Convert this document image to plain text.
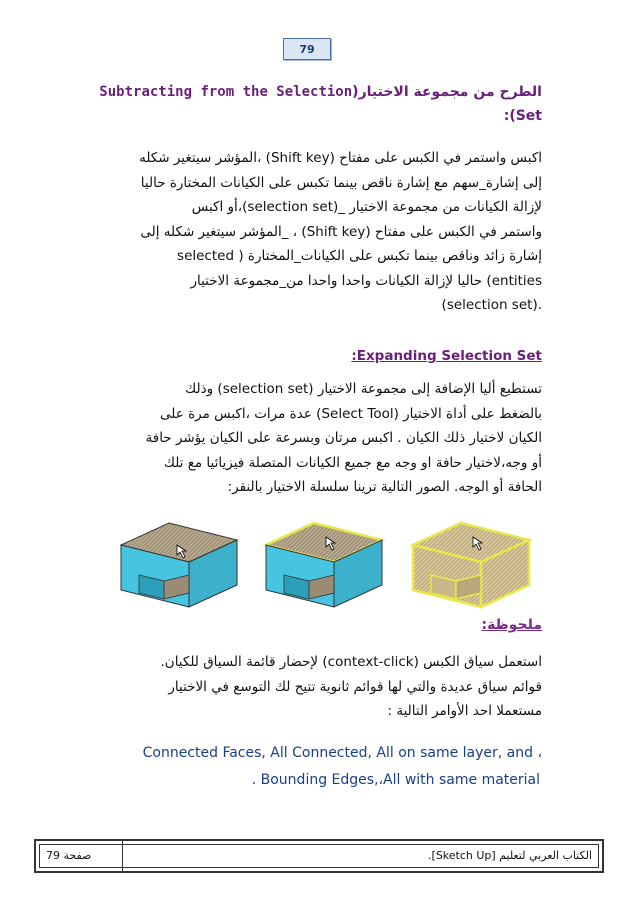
79
الطرح من مجموعة الاختيار(Subtracting from the Selection
:(Set
اكبس واستمر في الكبس على مفتاح (Shift key) ،المؤشر سيتغير شكله
إلى إشارة_سهم مع إشارة ناقص بينما تكبس على الكيانات المختارة حاليا
لإزالة الكيانات من مجموعة الاختيار _(selection set)،أو اكبس
واستمر في الكبس على مفتاح (Shift key) ، _المؤشر سيتغير شكله إلى
إشارة زائد وناقص بينما تكبس على الكيانات_المختارة ( selected
entities) حاليا لإزالة الكيانات واحدا واحدا من_مجموعة الاختيار
.(selection set)
:Expanding Selection Set
تستطيع أليا الإضافة إلى مجموعة الاختيار (selection set) وذلك
بالضغط على أداة الاختيار (Select Tool) عدة مرات ،اكبس مرة على
الكيان لاختيار ذلك الكيان . اكبس مرتان وبسرعة على الكيان يؤشر حافة
أو وجه،لاختيار حافة او وجه مع جميع الكيانات المتصلة فيزيائيا مع تلك
الحافة أو الوجه. الصور التالية ترينا سلسلة الاختيار بالنقر:
ملحوظة:
استعمل سياق الكبس (context-click) لإحضار قائمة السياق للكيان.
قوائم سياق عديدة والتي لها قوائم ثانوية تتيح لك التوسع في الاختيار
مستعملا احد الأوامر التالية :
Connected Faces, All Connected, All on same layer, and ،
. Bounding Edges,،All with same material
صفحة 79	الكتاب العربي لتعليم [Sketch Up].
